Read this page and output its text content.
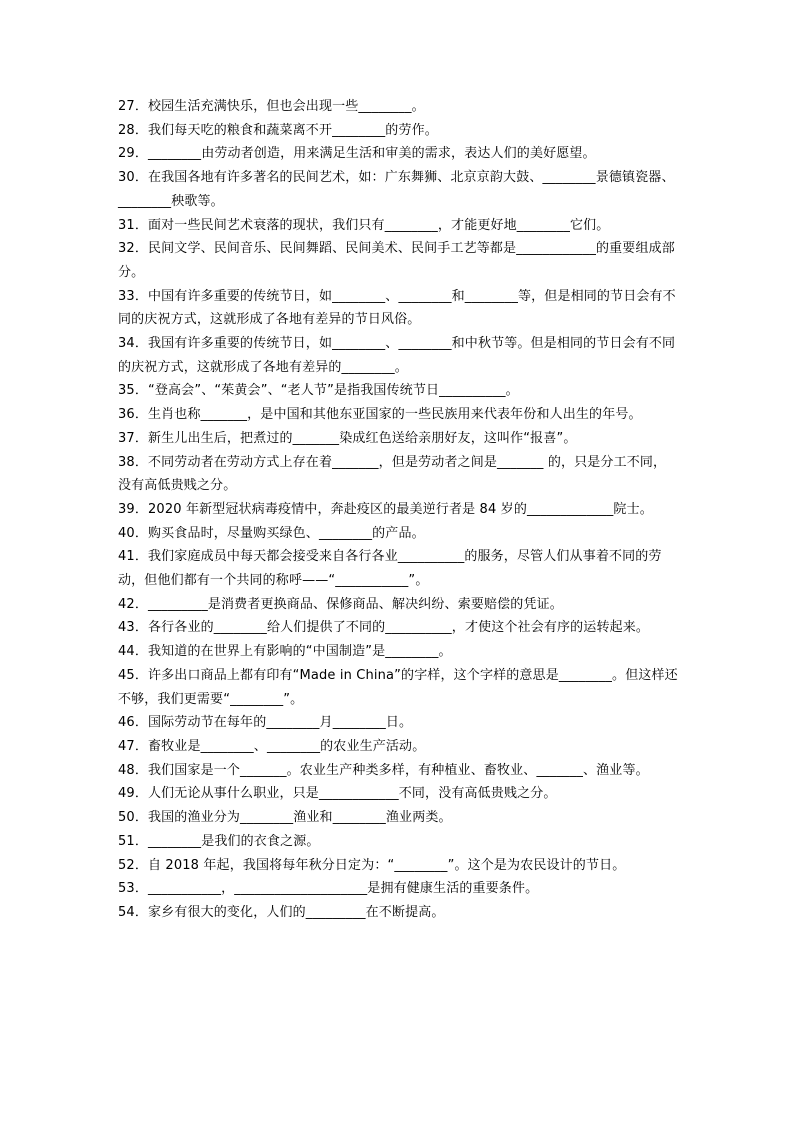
27．校园生活充满快乐，但也会出现一些________。

28．我们每天吃的粮食和蔬菜离不开________的劳作。

29．________由劳动者创造，用来满足生活和审美的需求，表达人们的美好愿望。

30．在我国各地有许多著名的民间艺术，如：广东舞狮、北京京韵大鼓、________景德镇瓷器、________秧歌等。

31．面对一些民间艺术衰落的现状，我们只有________，才能更好地________它们。

32．民间文学、民间音乐、民间舞蹈、民间美术、民间手工艺等都是____________的重要组成部分。

33．中国有许多重要的传统节日，如________、________和________等，但是相同的节日会有不同的庆祝方式，这就形成了各地有差异的节日风俗。

34．我国有许多重要的传统节日，如________、________和中秋节等。但是相同的节日会有不同的庆祝方式，这就形成了各地有差异的________。

35．“登高会”、“茱黄会”、“老人节”是指我国传统节日__________。

36．生肖也称_______，是中国和其他东亚国家的一些民族用来代表年份和人出生的年号。

37．新生儿出生后，把煮过的_______染成红色送给亲朋好友，这叫作“报喜”。

38．不同劳动者在劳动方式上存在着_______，但是劳动者之间是_______ 的，只是分工不同，没有高低贵贱之分。

39．2020 年新型冠状病毒疫情中，奔赴疫区的最美逆行者是 84 岁的_____________院士。

40．购买食品时，尽量购买绿色、________的产品。

41．我们家庭成员中每天都会接受来自各行各业__________的服务，尽管人们从事着不同的劳动，但他们都有一个共同的称呼——“___________”。

42．_________是消费者更换商品、保修商品、解决纠纷、索要赔偿的凭证。

43．各行各业的________给人们提供了不同的__________，才使这个社会有序的运转起来。

44．我知道的在世界上有影响的“中国制造”是________。

45．许多出口商品上都有印有“Made in China”的字样，这个字样的意思是________。但这样还不够，我们更需要“________”。

46．国际劳动节在每年的________月________日。

47．畜牧业是________、________的农业生产活动。

48．我们国家是一个_______。农业生产种类多样，有种植业、畜牧业、_______、渔业等。

49．人们无论从事什么职业，只是____________不同，没有高低贵贱之分。

50．我国的渔业分为________渔业和________渔业两类。

51．________是我们的衣食之源。

52．自 2018 年起，我国将每年秋分日定为：“________”。这个是为农民设计的节日。

53．___________，____________________是拥有健康生活的重要条件。

54．家乡有很大的变化，人们的_________在不断提高。
